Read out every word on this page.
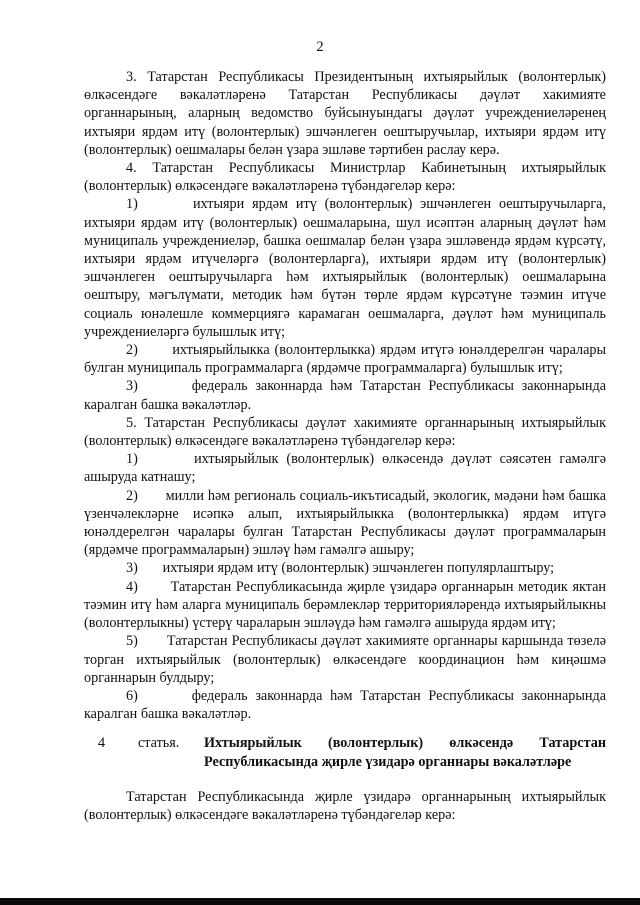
2

3. Татарстан Республикасы Президентының ихтыярыйлык (волонтерлык) өлкәсендәге вәкаләтләренә Татарстан Республикасы дәүләт хакимияте органнарының, аларның ведомство буйсынуындагы дәүләт учреждениеләренең ихтыяри ярдәм итү (волонтерлык) эшчәнлеген оештыручылар, ихтыяри ярдәм итү (волонтерлык) оешмалары белән үзара эшләве тәртибен раслау керә.

4. Татарстан Республикасы Министрлар Кабинетының ихтыярыйлык (волонтерлык) өлкәсендәге вәкаләтләренә түбәндәгеләр керә:

1)	ихтыяри ярдәм итү (волонтерлык) эшчәнлеген оештыручыларга, ихтыяри ярдәм итү (волонтерлык) оешмаларына, шул исәптән аларның дәүләт һәм муниципаль учреждениеләр, башка оешмалар белән үзара эшләвендә ярдәм күрсәтү, ихтыяри ярдәм итүчеләргә (волонтерларга), ихтыяри ярдәм итү (волонтерлык) эшчәнлеген оештыручыларга һәм ихтыярыйлык (волонтерлык) оешмаларына оештыру, мәгълүмати, методик һәм бүтән төрле ярдәм күрсәтүне тәэмин итүче социаль юнәлешле коммерциягә карамаган оешмаларга, дәүләт һәм муниципаль учреждениеләргә булышлык итү;

2) ихтыярыйлыкка (волонтерлыкка) ярдәм итүгә юнәлдерелгән чаралары булган муниципаль программаларга (ярдәмче программаларга) булышлык итү;

3)	федераль законнарда һәм Татарстан Республикасы законнарында каралган башка вәкаләтләр.

5. Татарстан Республикасы дәүләт хакимияте органнарының ихтыярыйлык (волонтерлык) өлкәсендәге вәкаләтләренә түбәндәгеләр керә:

1)	ихтыярыйлык (волонтерлык) өлкәсендә дәүләт сәясәтен гамәлгә ашыруда катнашу;

2) милли һәм региональ социаль-икътисадый, экологик, мәдәни һәм башка үзенчәлекләрне исәпкә алып, ихтыярыйлыкка (волонтерлыкка) ярдәм итүгә юнәлдерелгән чаралары булган Татарстан Республикасы дәүләт программаларын (ярдәмче программаларын) эшләү һәм гамәлгә ашыру;

3) ихтыяри ярдәм итү (волонтерлык) эшчәнлеген популярлаштыру;

4) Татарстан Республикасында җирле үзидарә органнарын методик яктан тәэмин итү һәм аларга муниципаль берәмлекләр территорияләрендә ихтыярыйлыкны (волонтерлыкны) үстерү чараларын эшләүдә һәм гамәлгә ашыруда ярдәм итү;

5) Татарстан Республикасы дәүләт хакимияте органнары каршында төзелә торган ихтыярыйлык (волонтерлык) өлкәсендәге координацион һәм киңәшмә органнарын булдыру;

6)	федераль законнарда һәм Татарстан Республикасы законнарында каралган башка вәкаләтләр.

4	статья.	Ихтыярыйлык (волонтерлык) өлкәсендә Татарстан
Республикасында җирле үзидарә органнары вәкаләтләре

Татарстан Республикасында җирле үзидарә органнарының ихтыярыйлык (волонтерлык) өлкәсендәге вәкаләтләренә түбәндәгеләр керә:
